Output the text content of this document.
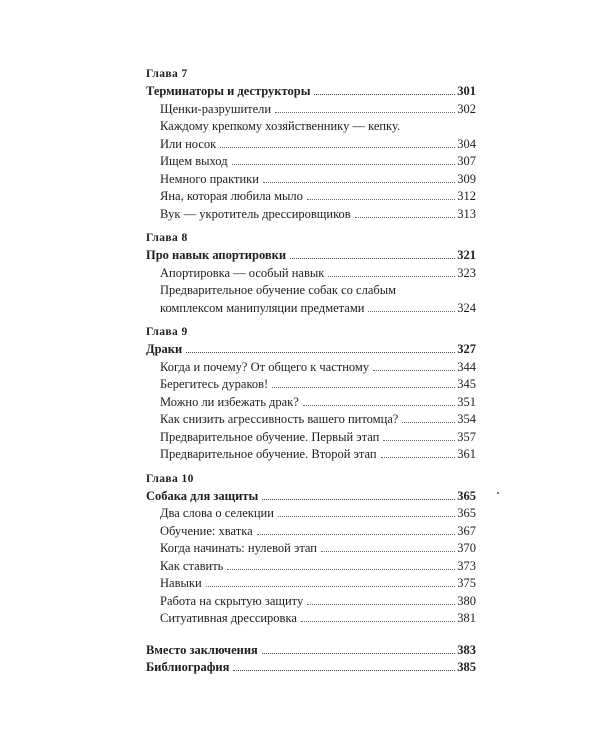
Глава 7
Терминаторы и деструкторы	301
Щенки-разрушители	302
Каждому крепкому хозяйственнику — кепку.
Или носок	304
Ищем выход	307
Немного практики	309
Яна, которая любила мыло	312
Вук — укротитель дрессировщиков	313
Глава 8
Про навык апортировки	321
Апортировка — особый навык	323
Предварительное обучение собак со слабым
комплексом манипуляции предметами	324
Глава 9
Драки	327
Когда и почему? От общего к частному	344
Берегитесь дураков!	345
Можно ли избежать драк?	351
Как снизить агрессивность вашего питомца?	354
Предварительное обучение. Первый этап	357
Предварительное обучение. Второй этап	361
Глава 10
Собака для защиты	365
Два слова о селекции	365
Обучение: хватка	367
Когда начинать: нулевой этап	370
Как ставить	373
Навыки	375
Работа на скрытую защиту	380
Ситуативная дрессировка	381
Вместо заключения	383
Библиография	385
